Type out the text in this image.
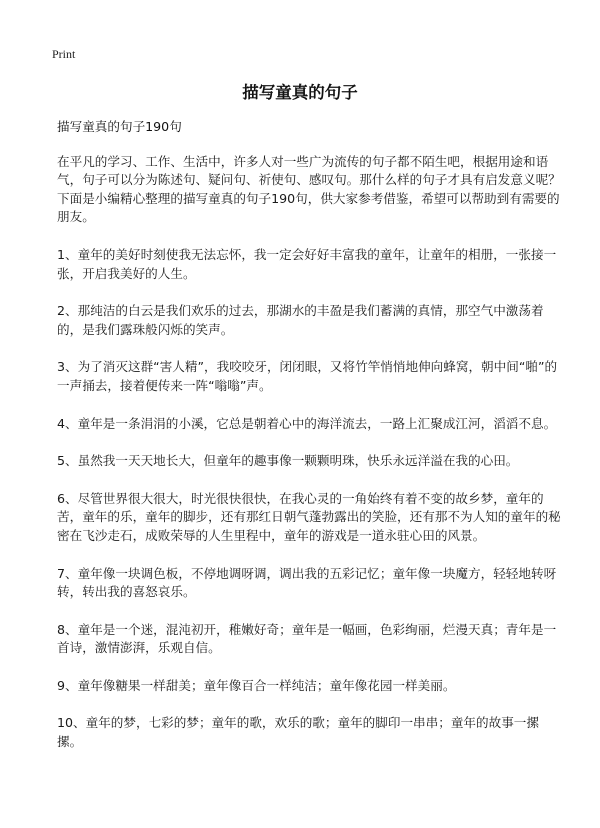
Print
描写童真的句子

描写童真的句子190句

在平凡的学习、工作、生活中，许多人对一些广为流传的句子都不陌生吧，根据用途和语气，句子可以分为陈述句、疑问句、祈使句、感叹句。那什么样的句子才具有启发意义呢？下面是小编精心整理的描写童真的句子190句，供大家参考借鉴，希望可以帮助到有需要的朋友。

1、童年的美好时刻使我无法忘怀，我一定会好好丰富我的童年，让童年的相册，一张接一张，开启我美好的人生。

2、那纯洁的白云是我们欢乐的过去，那湖水的丰盈是我们蓄满的真情，那空气中激荡着的，是我们露珠般闪烁的笑声。

3、为了消灭这群“害人精”，我咬咬牙，闭闭眼，又将竹竿悄悄地伸向蜂窝，朝中间“啪”的一声捅去，接着便传来一阵“嗡嗡”声。

4、童年是一条涓涓的小溪，它总是朝着心中的海洋流去，一路上汇聚成江河，滔滔不息。

5、虽然我一天天地长大，但童年的趣事像一颗颗明珠，快乐永远洋溢在我的心田。

6、尽管世界很大很大，时光很快很快，在我心灵的一角始终有着不变的故乡梦，童年的苦，童年的乐，童年的脚步，还有那红日朝气蓬勃露出的笑脸，还有那不为人知的童年的秘密在飞沙走石，成败荣辱的人生里程中，童年的游戏是一道永驻心田的风景。

7、童年像一块调色板，不停地调呀调，调出我的五彩记忆；童年像一块魔方，轻轻地转呀转，转出我的喜怒哀乐。

8、童年是一个迷，混沌初开，稚嫩好奇；童年是一幅画，色彩绚丽，烂漫天真；青年是一首诗，激情澎湃，乐观自信。

9、童年像糖果一样甜美；童年像百合一样纯洁；童年像花园一样美丽。

10、童年的梦，七彩的梦；童年的歌，欢乐的歌；童年的脚印一串串；童年的故事一摞摞。
